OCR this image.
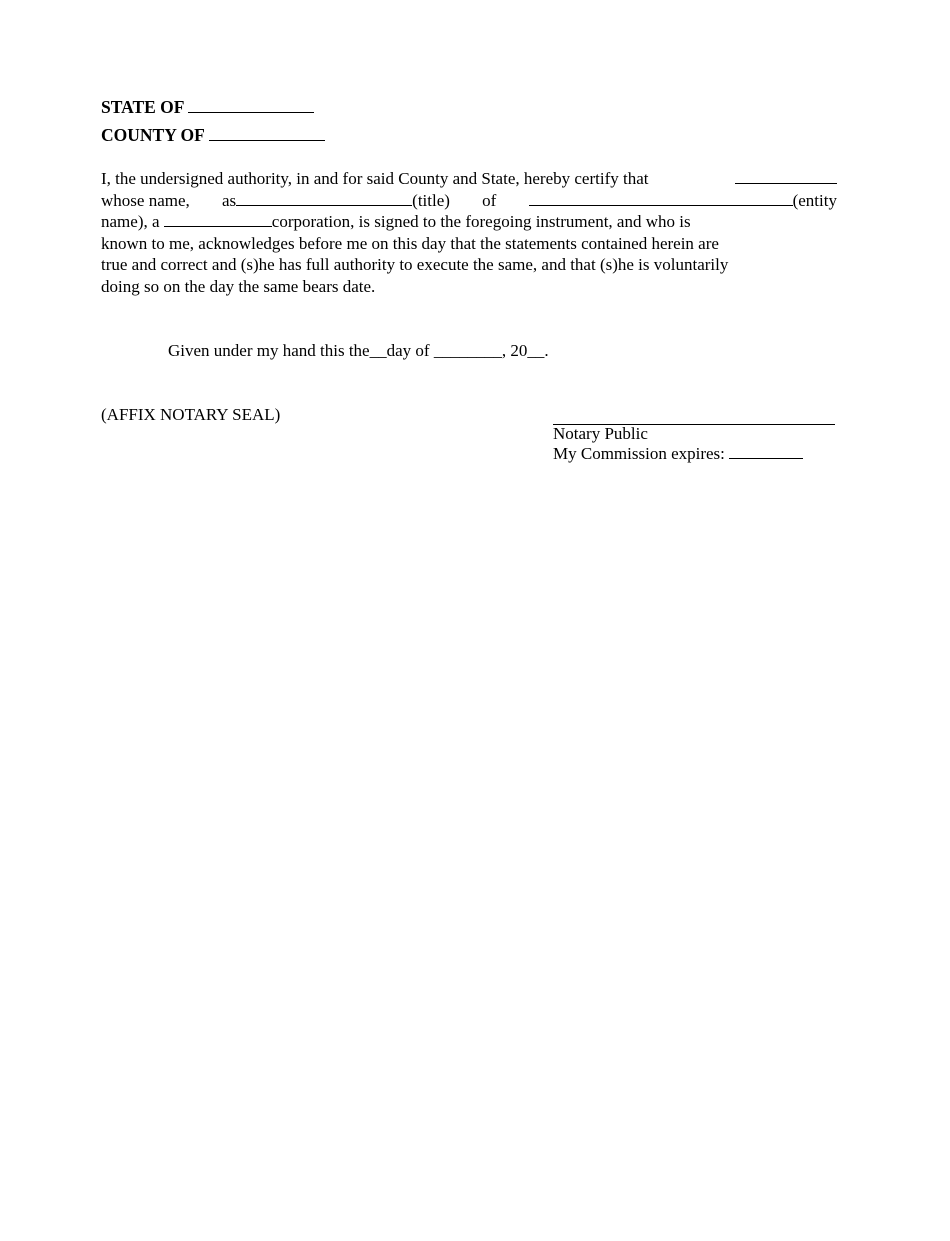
STATE OF
COUNTY OF
I, the undersigned authority, in and for said County and State, hereby certify that
whose name, as	(title) of	(entity
name), a	corporation, is signed to the foregoing instrument, and who is
known to me, acknowledges before me on this day that the statements contained herein are
true and correct and (s)he has full authority to execute the same, and that (s)he is voluntarily
doing so on the day the same bears date.
Given under my hand this the__day of ________, 20__.
(AFFIX NOTARY SEAL)
Notary Public
My Commission expires:
